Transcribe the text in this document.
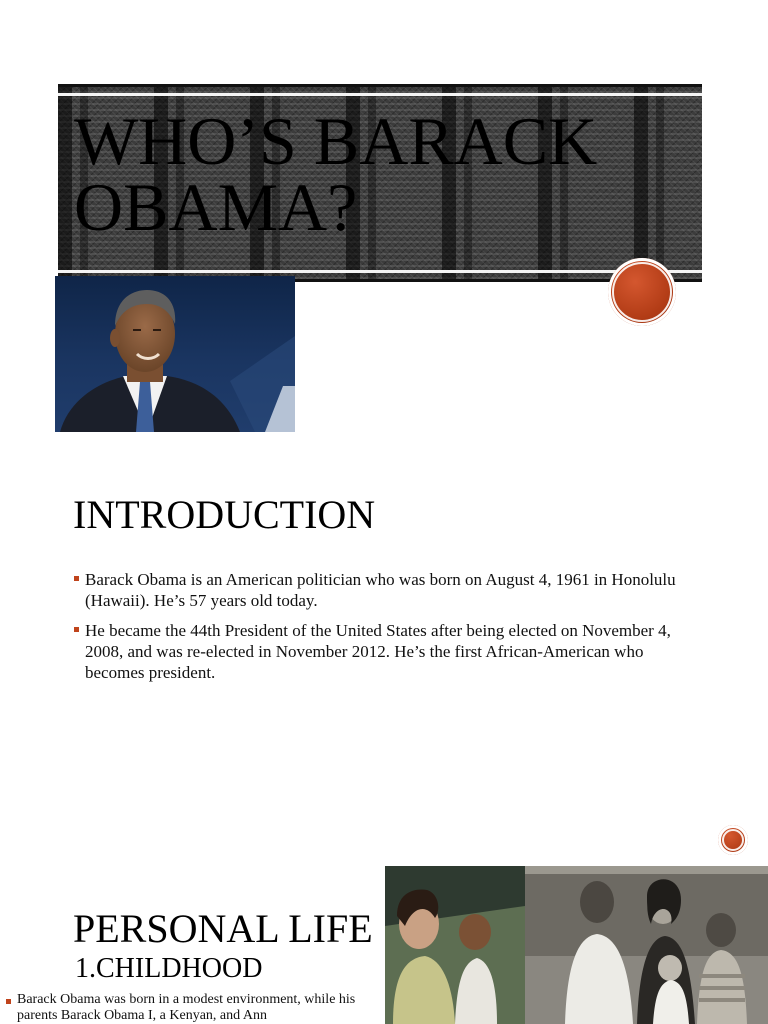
WHO’S BARACK OBAMA?
INTRODUCTION
Barack Obama is an American politician who was born on August 4, 1961 in Honolulu (Hawaii). He’s 57 years old today.
He became the 44th President of the United States after being elected on November 4, 2008, and was re-elected in November 2012. He’s the first African-American who becomes president.
PERSONAL LIFE
1.CHILDHOOD
Barack Obama was born in a modest environment, while his parents Barack Obama I, a Kenyan, and Ann
